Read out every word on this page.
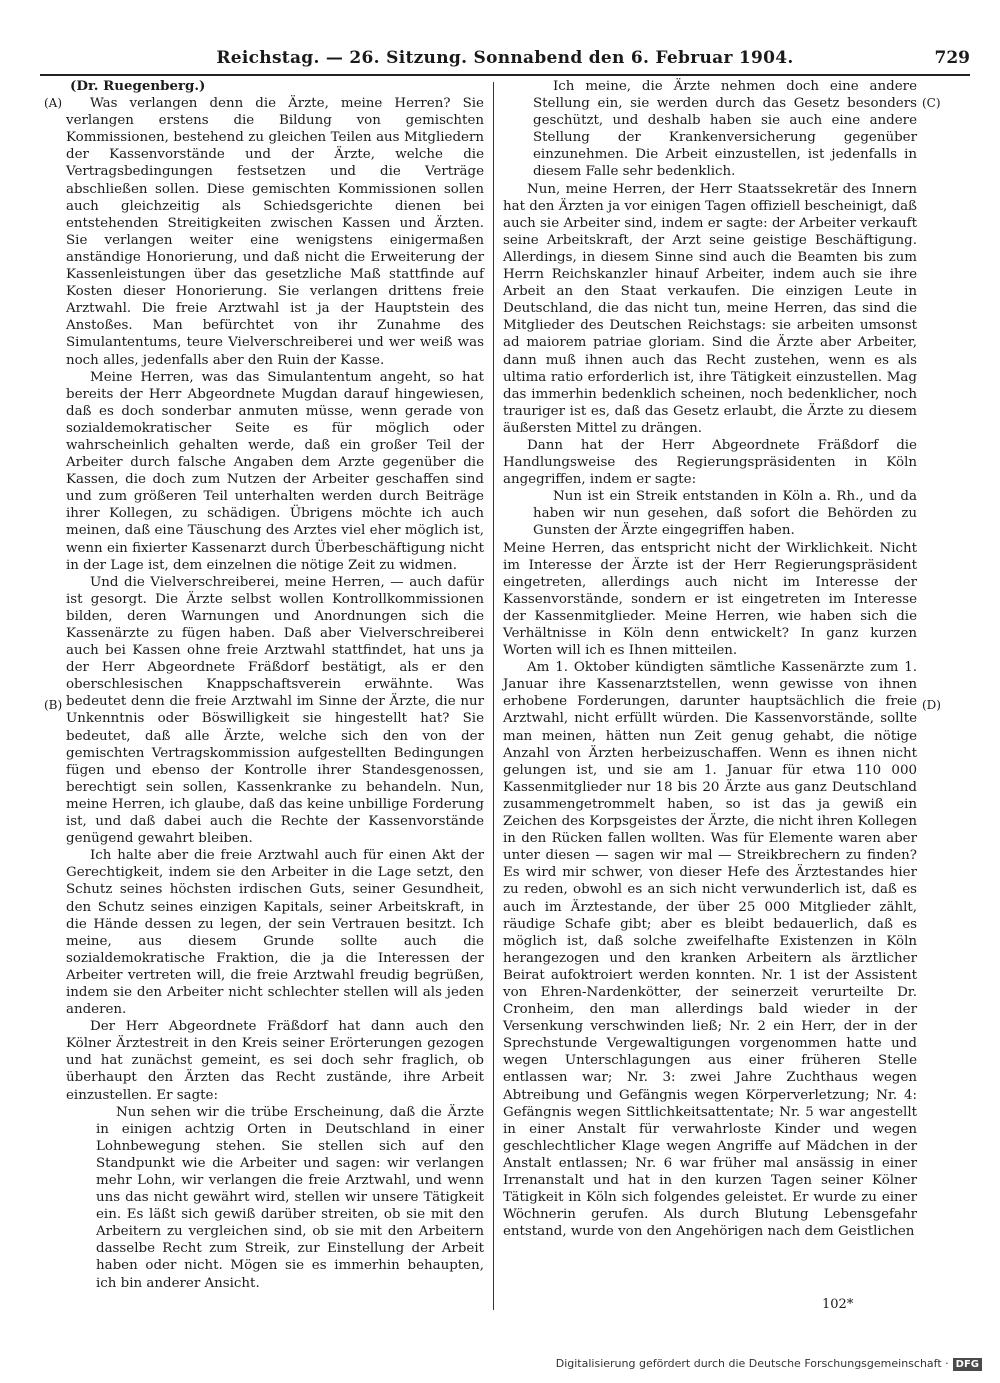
Reichstag. — 26. Sitzung. Sonnabend den 6. Februar 1904.	729
(A)
(B)
(C)
(D)

(Dr. Ruegenberg.)

Was verlangen denn die Ärzte, meine Herren? Sie verlangen erstens die Bildung von gemischten Kommissionen, bestehend zu gleichen Teilen aus Mitgliedern der Kassenvorstände und der Ärzte, welche die Vertragsbedingungen festsetzen und die Verträge abschließen sollen. Diese gemischten Kommissionen sollen auch gleichzeitig als Schiedsgerichte dienen bei entstehenden Streitigkeiten zwischen Kassen und Ärzten. Sie verlangen weiter eine wenigstens einigermaßen anständige Honorierung, und daß nicht die Erweiterung der Kassenleistungen über das gesetzliche Maß stattfinde auf Kosten dieser Honorierung. Sie verlangen drittens freie Arztwahl. Die freie Arztwahl ist ja der Hauptstein des Anstoßes. Man befürchtet von ihr Zunahme des Simulantentums, teure Vielverschreiberei und wer weiß was noch alles, jedenfalls aber den Ruin der Kasse.

Meine Herren, was das Simulantentum angeht, so hat bereits der Herr Abgeordnete Mugdan darauf hingewiesen, daß es doch sonderbar anmuten müsse, wenn gerade von sozialdemokratischer Seite es für möglich oder wahrscheinlich gehalten werde, daß ein großer Teil der Arbeiter durch falsche Angaben dem Arzte gegenüber die Kassen, die doch zum Nutzen der Arbeiter geschaffen sind und zum größeren Teil unterhalten werden durch Beiträge ihrer Kollegen, zu schädigen. Übrigens möchte ich auch meinen, daß eine Täuschung des Arztes viel eher möglich ist, wenn ein fixierter Kassenarzt durch Überbeschäftigung nicht in der Lage ist, dem einzelnen die nötige Zeit zu widmen.

Und die Vielverschreiberei, meine Herren, — auch dafür ist gesorgt. Die Ärzte selbst wollen Kontrollkommissionen bilden, deren Warnungen und Anordnungen sich die Kassenärzte zu fügen haben. Daß aber Vielverschreiberei auch bei Kassen ohne freie Arztwahl stattfindet, hat uns ja der Herr Abgeordnete Fräßdorf bestätigt, als er den oberschlesischen Knappschaftsverein erwähnte. Was bedeutet denn die freie Arztwahl im Sinne der Ärzte, die nur Unkenntnis oder Böswilligkeit sie hingestellt hat? Sie bedeutet, daß alle Ärzte, welche sich den von der gemischten Vertragskommission aufgestellten Bedingungen fügen und ebenso der Kontrolle ihrer Standesgenossen, berechtigt sein sollen, Kassenkranke zu behandeln. Nun, meine Herren, ich glaube, daß das keine unbillige Forderung ist, und daß dabei auch die Rechte der Kassenvorstände genügend gewahrt bleiben.

Ich halte aber die freie Arztwahl auch für einen Akt der Gerechtigkeit, indem sie den Arbeiter in die Lage setzt, den Schutz seines höchsten irdischen Guts, seiner Gesundheit, den Schutz seines einzigen Kapitals, seiner Arbeitskraft, in die Hände dessen zu legen, der sein Vertrauen besitzt. Ich meine, aus diesem Grunde sollte auch die sozialdemokratische Fraktion, die ja die Interessen der Arbeiter vertreten will, die freie Arztwahl freudig begrüßen, indem sie den Arbeiter nicht schlechter stellen will als jeden anderen.

Der Herr Abgeordnete Fräßdorf hat dann auch den Kölner Ärztestreit in den Kreis seiner Erörterungen gezogen und hat zunächst gemeint, es sei doch sehr fraglich, ob überhaupt den Ärzten das Recht zustände, ihre Arbeit einzustellen. Er sagte:

Nun sehen wir die trübe Erscheinung, daß die Ärzte in einigen achtzig Orten in Deutschland in einer Lohnbewegung stehen. Sie stellen sich auf den Standpunkt wie die Arbeiter und sagen: wir verlangen mehr Lohn, wir verlangen die freie Arztwahl, und wenn uns das nicht gewährt wird, stellen wir unsere Tätigkeit ein. Es läßt sich gewiß darüber streiten, ob sie mit den Arbeitern zu vergleichen sind, ob sie mit den Arbeitern dasselbe Recht zum Streik, zur Einstellung der Arbeit haben oder nicht. Mögen sie es immerhin behaupten, ich bin anderer Ansicht.

Ich meine, die Ärzte nehmen doch eine andere Stellung ein, sie werden durch das Gesetz besonders geschützt, und deshalb haben sie auch eine andere Stellung der Krankenversicherung gegenüber einzunehmen. Die Arbeit einzustellen, ist jedenfalls in diesem Falle sehr bedenklich.

Nun, meine Herren, der Herr Staatssekretär des Innern hat den Ärzten ja vor einigen Tagen offiziell bescheinigt, daß auch sie Arbeiter sind, indem er sagte: der Arbeiter verkauft seine Arbeitskraft, der Arzt seine geistige Beschäftigung. Allerdings, in diesem Sinne sind auch die Beamten bis zum Herrn Reichskanzler hinauf Arbeiter, indem auch sie ihre Arbeit an den Staat verkaufen. Die einzigen Leute in Deutschland, die das nicht tun, meine Herren, das sind die Mitglieder des Deutschen Reichstags: sie arbeiten umsonst ad maiorem patriae gloriam. Sind die Ärzte aber Arbeiter, dann muß ihnen auch das Recht zustehen, wenn es als ultima ratio erforderlich ist, ihre Tätigkeit einzustellen. Mag das immerhin bedenklich scheinen, noch bedenklicher, noch trauriger ist es, daß das Gesetz erlaubt, die Ärzte zu diesem äußersten Mittel zu drängen.

Dann hat der Herr Abgeordnete Fräßdorf die Handlungsweise des Regierungspräsidenten in Köln angegriffen, indem er sagte:

Nun ist ein Streik entstanden in Köln a. Rh., und da haben wir nun gesehen, daß sofort die Behörden zu Gunsten der Ärzte eingegriffen haben.

Meine Herren, das entspricht nicht der Wirklichkeit. Nicht im Interesse der Ärzte ist der Herr Regierungspräsident eingetreten, allerdings auch nicht im Interesse der Kassenvorstände, sondern er ist eingetreten im Interesse der Kassenmitglieder. Meine Herren, wie haben sich die Verhältnisse in Köln denn entwickelt? In ganz kurzen Worten will ich es Ihnen mitteilen.

Am 1. Oktober kündigten sämtliche Kassenärzte zum 1. Januar ihre Kassenarztstellen, wenn gewisse von ihnen erhobene Forderungen, darunter hauptsächlich die freie Arztwahl, nicht erfüllt würden. Die Kassenvorstände, sollte man meinen, hätten nun Zeit genug gehabt, die nötige Anzahl von Ärzten herbeizuschaffen. Wenn es ihnen nicht gelungen ist, und sie am 1. Januar für etwa 110 000 Kassenmitglieder nur 18 bis 20 Ärzte aus ganz Deutschland zusammengetrommelt haben, so ist das ja gewiß ein Zeichen des Korpsgeistes der Ärzte, die nicht ihren Kollegen in den Rücken fallen wollten. Was für Elemente waren aber unter diesen — sagen wir mal — Streikbrechern zu finden? Es wird mir schwer, von dieser Hefe des Ärztestandes hier zu reden, obwohl es an sich nicht verwunderlich ist, daß es auch im Ärztestande, der über 25 000 Mitglieder zählt, räudige Schafe gibt; aber es bleibt bedauerlich, daß es möglich ist, daß solche zweifelhafte Existenzen in Köln herangezogen und den kranken Arbeitern als ärztlicher Beirat aufoktroiert werden konnten. Nr. 1 ist der Assistent von Ehren-Nardenkötter, der seinerzeit verurteilte Dr. Cronheim, den man allerdings bald wieder in der Versenkung verschwinden ließ; Nr. 2 ein Herr, der in der Sprechstunde Vergewaltigungen vorgenommen hatte und wegen Unterschlagungen aus einer früheren Stelle entlassen war; Nr. 3: zwei Jahre Zuchthaus wegen Abtreibung und Gefängnis wegen Körperverletzung; Nr. 4: Gefängnis wegen Sittlichkeitsattentate; Nr. 5 war angestellt in einer Anstalt für verwahrloste Kinder und wegen geschlechtlicher Klage wegen Angriffe auf Mädchen in der Anstalt entlassen; Nr. 6 war früher mal ansässig in einer Irrenanstalt und hat in den kurzen Tagen seiner Kölner Tätigkeit in Köln sich folgendes geleistet. Er wurde zu einer Wöchnerin gerufen. Als durch Blutung Lebensgefahr entstand, wurde von den Angehörigen nach dem Geistlichen

102*
Digitalisierung gefördert durch die Deutsche Forschungsgemeinschaft · DFG
